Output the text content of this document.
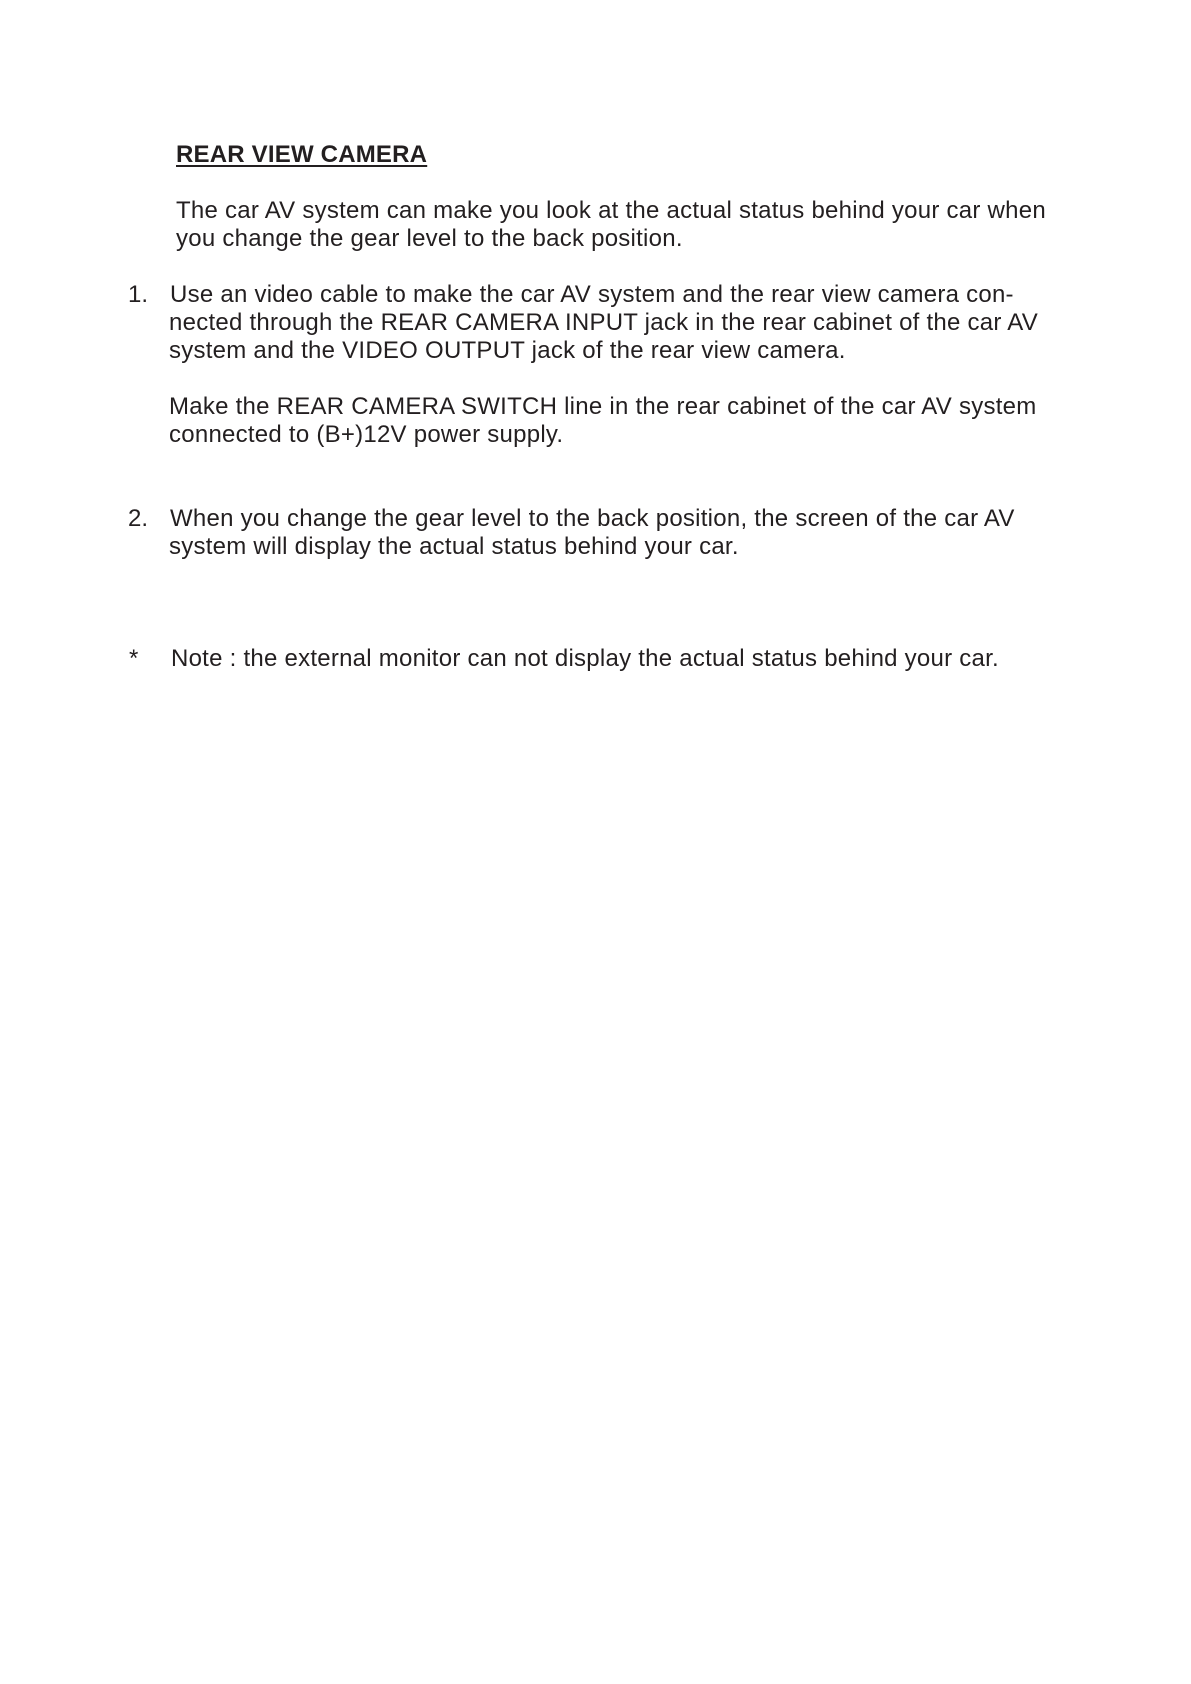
REAR VIEW CAMERA
The car AV system can make you look at the actual status behind your car when
you change the gear level to the back position.
1. Use an video cable to make the car AV system and the rear view camera con-
nected through the REAR CAMERA INPUT jack in the rear cabinet of the car AV
system and the VIDEO OUTPUT jack of the rear view camera.
Make the REAR CAMERA SWITCH line in the rear cabinet of the car AV system
connected to (B+)12V power supply.
2. When you change the gear level to the back position, the screen of the car AV
system will display the actual status behind your car.
* Note : the external monitor can not display the actual status behind your car.
